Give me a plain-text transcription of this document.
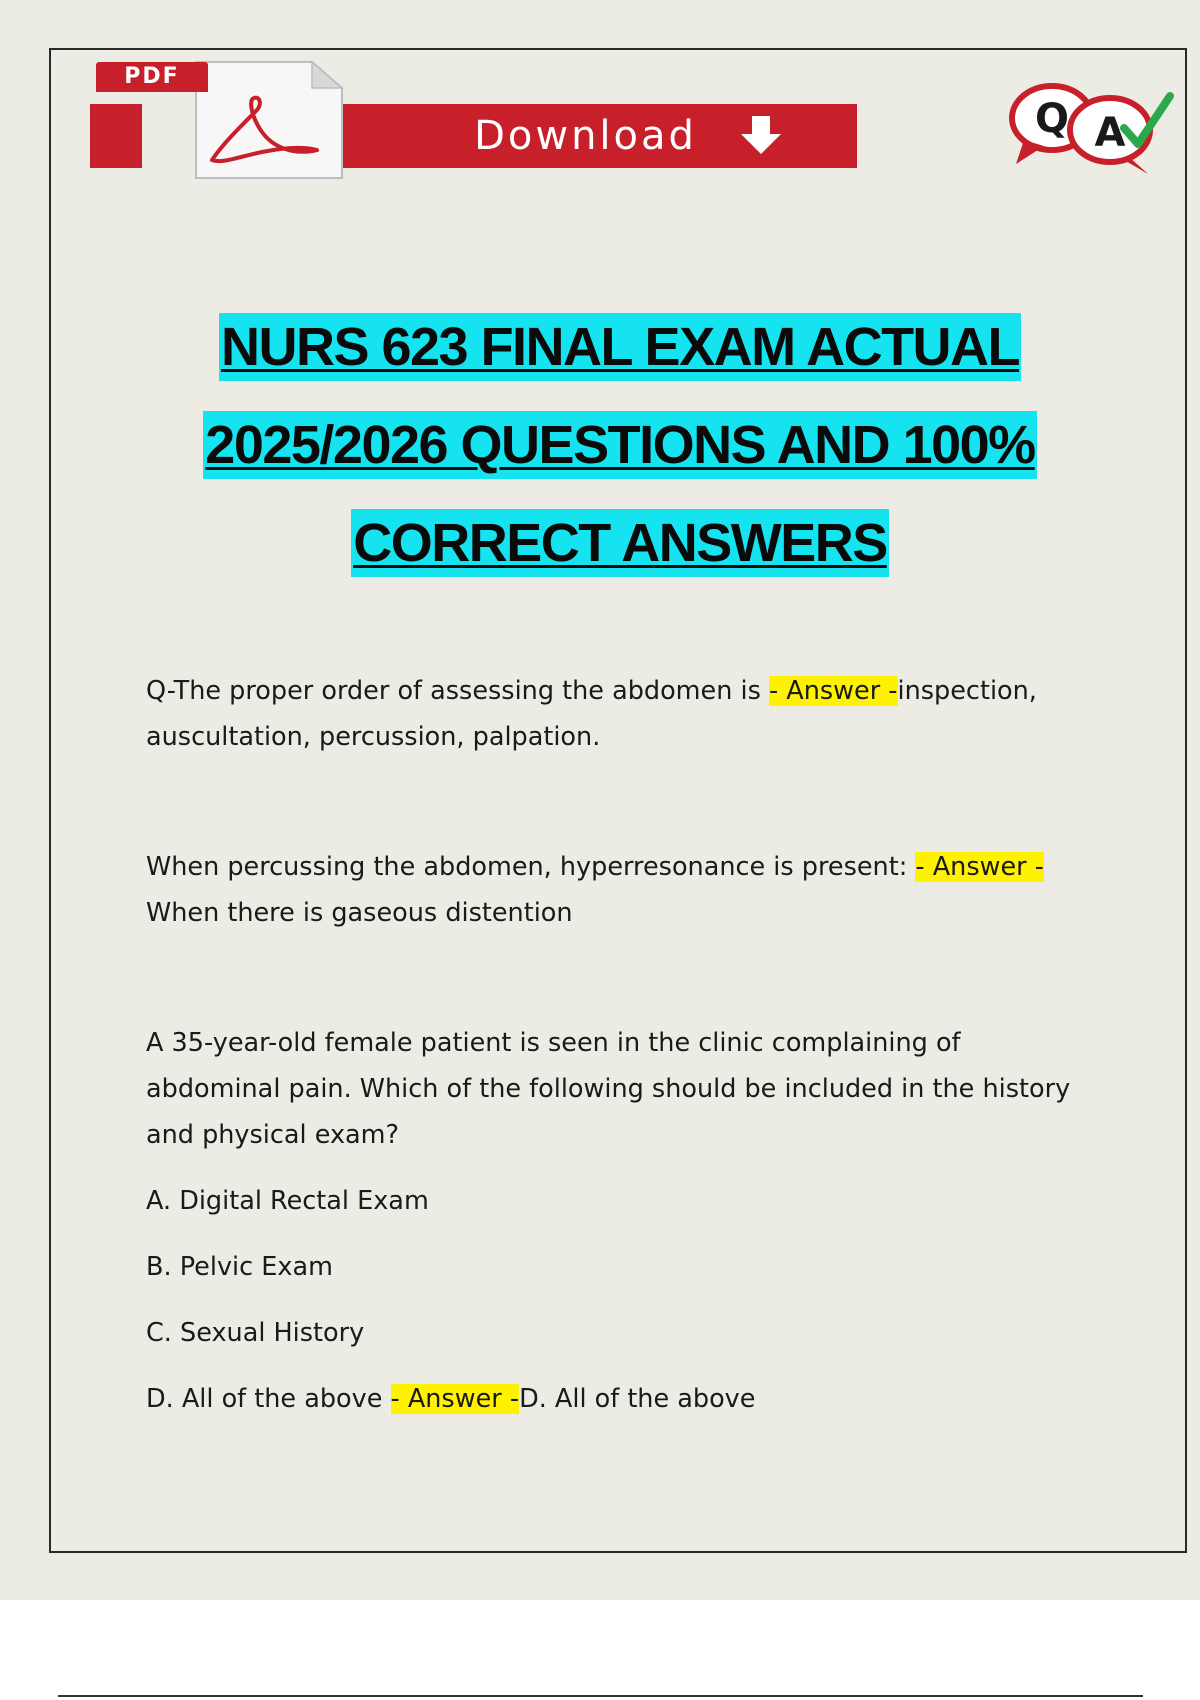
Download
PDF
Q A
NURS 623 FINAL EXAM ACTUAL
2025/2026 QUESTIONS AND 100%
CORRECT ANSWERS
Q-The proper order of assessing the abdomen is - Answer -inspection, auscultation, percussion, palpation.
When percussing the abdomen, hyperresonance is present: - Answer -
When there is gaseous distention
A 35-year-old female patient is seen in the clinic complaining of abdominal pain. Which of the following should be included in the history and physical exam?
A. Digital Rectal Exam
B. Pelvic Exam
C. Sexual History
D. All of the above - Answer -D. All of the above
